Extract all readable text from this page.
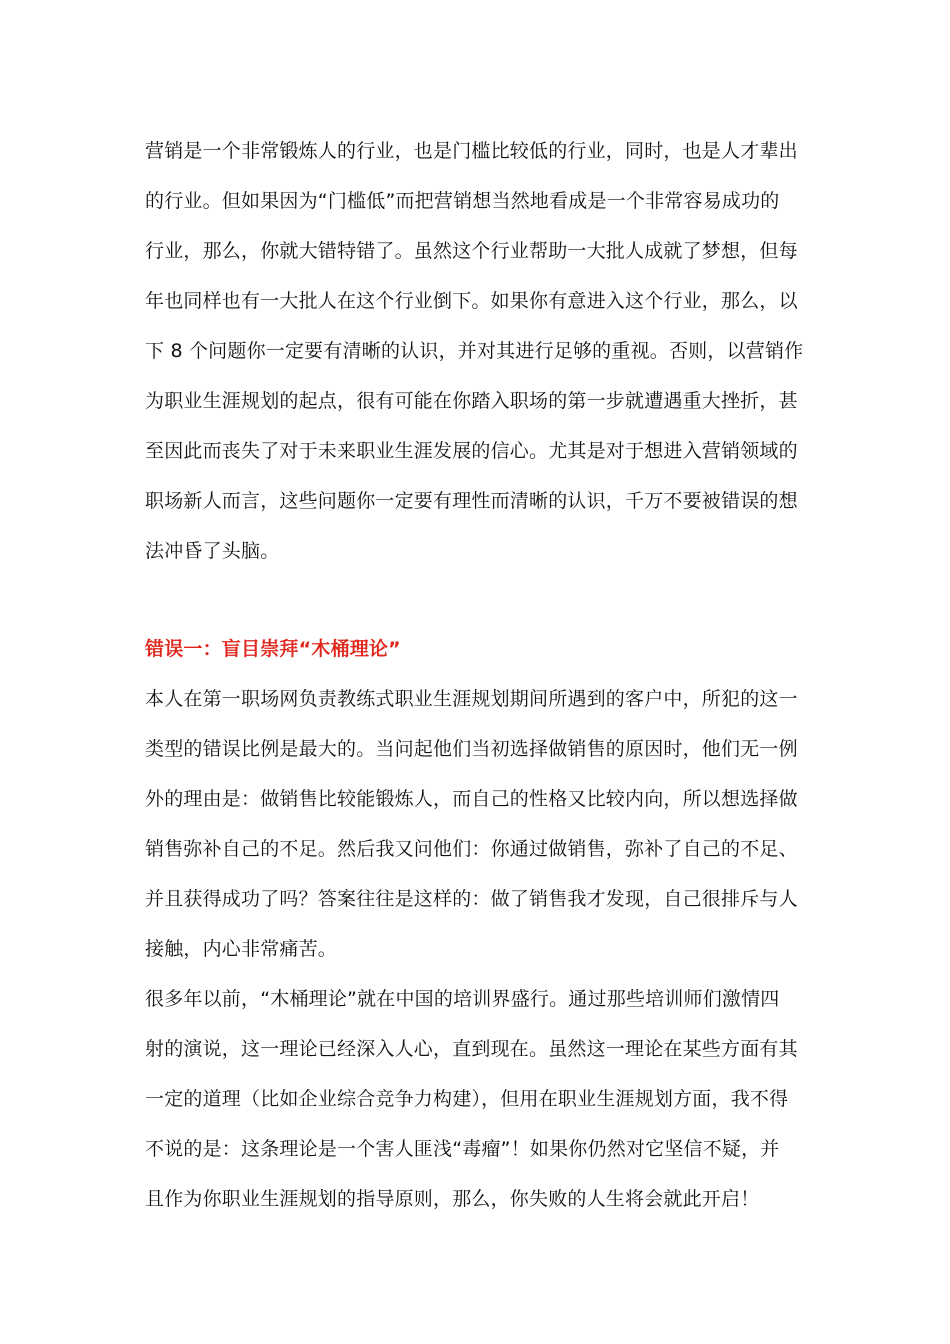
营销是一个非常锻炼人的行业，也是门槛比较低的行业，同时，也是人才辈出
的行业。但如果因为“门槛低”而把营销想当然地看成是一个非常容易成功的
行业，那么，你就大错特错了。虽然这个行业帮助一大批人成就了梦想，但每
年也同样也有一大批人在这个行业倒下。如果你有意进入这个行业，那么，以
下 8 个问题你一定要有清晰的认识，并对其进行足够的重视。否则，以营销作
为职业生涯规划的起点，很有可能在你踏入职场的第一步就遭遇重大挫折，甚
至因此而丧失了对于未来职业生涯发展的信心。尤其是对于想进入营销领域的
职场新人而言，这些问题你一定要有理性而清晰的认识，千万不要被错误的想
法冲昏了头脑。
错误一：盲目崇拜“木桶理论”
本人在第一职场网负责教练式职业生涯规划期间所遇到的客户中，所犯的这一
类型的错误比例是最大的。当问起他们当初选择做销售的原因时，他们无一例
外的理由是：做销售比较能锻炼人，而自己的性格又比较内向，所以想选择做
销售弥补自己的不足。然后我又问他们：你通过做销售，弥补了自己的不足、
并且获得成功了吗？答案往往是这样的：做了销售我才发现，自己很排斥与人
接触，内心非常痛苦。
很多年以前，“木桶理论”就在中国的培训界盛行。通过那些培训师们激情四
射的演说，这一理论已经深入人心，直到现在。虽然这一理论在某些方面有其
一定的道理（比如企业综合竞争力构建），但用在职业生涯规划方面，我不得
不说的是：这条理论是一个害人匪浅“毒瘤”！如果你仍然对它坚信不疑，并
且作为你职业生涯规划的指导原则，那么，你失败的人生将会就此开启！
